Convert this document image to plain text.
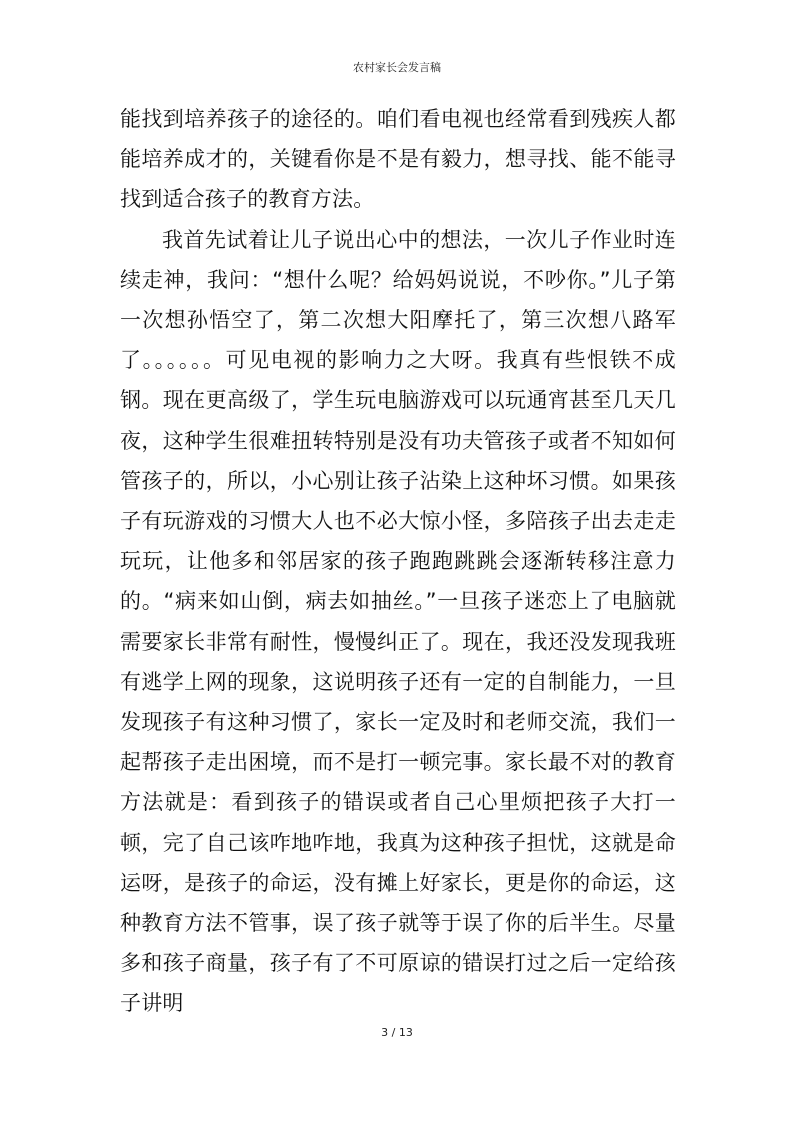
农村家长会发言稿

能找到培养孩子的途径的。咱们看电视也经常看到残疾人都能培养成才的，关键看你是不是有毅力，想寻找、能不能寻找到适合孩子的教育方法。

我首先试着让儿子说出心中的想法，一次儿子作业时连续走神，我问：“想什么呢？给妈妈说说，不吵你。”儿子第一次想孙悟空了，第二次想大阳摩托了，第三次想八路军了。。。。。。可见电视的影响力之大呀。我真有些恨铁不成钢。现在更高级了，学生玩电脑游戏可以玩通宵甚至几天几夜，这种学生很难扭转特别是没有功夫管孩子或者不知如何管孩子的，所以，小心别让孩子沾染上这种坏习惯。如果孩子有玩游戏的习惯大人也不必大惊小怪，多陪孩子出去走走玩玩，让他多和邻居家的孩子跑跑跳跳会逐渐转移注意力的。“病来如山倒，病去如抽丝。”一旦孩子迷恋上了电脑就需要家长非常有耐性，慢慢纠正了。现在，我还没发现我班有逃学上网的现象，这说明孩子还有一定的自制能力，一旦发现孩子有这种习惯了，家长一定及时和老师交流，我们一起帮孩子走出困境，而不是打一顿完事。家长最不对的教育方法就是：看到孩子的错误或者自己心里烦把孩子大打一顿，完了自己该咋地咋地，我真为这种孩子担忧，这就是命运呀，是孩子的命运，没有摊上好家长，更是你的命运，这种教育方法不管事，误了孩子就等于误了你的后半生。尽量多和孩子商量，孩子有了不可原谅的错误打过之后一定给孩子讲明

3 / 13
